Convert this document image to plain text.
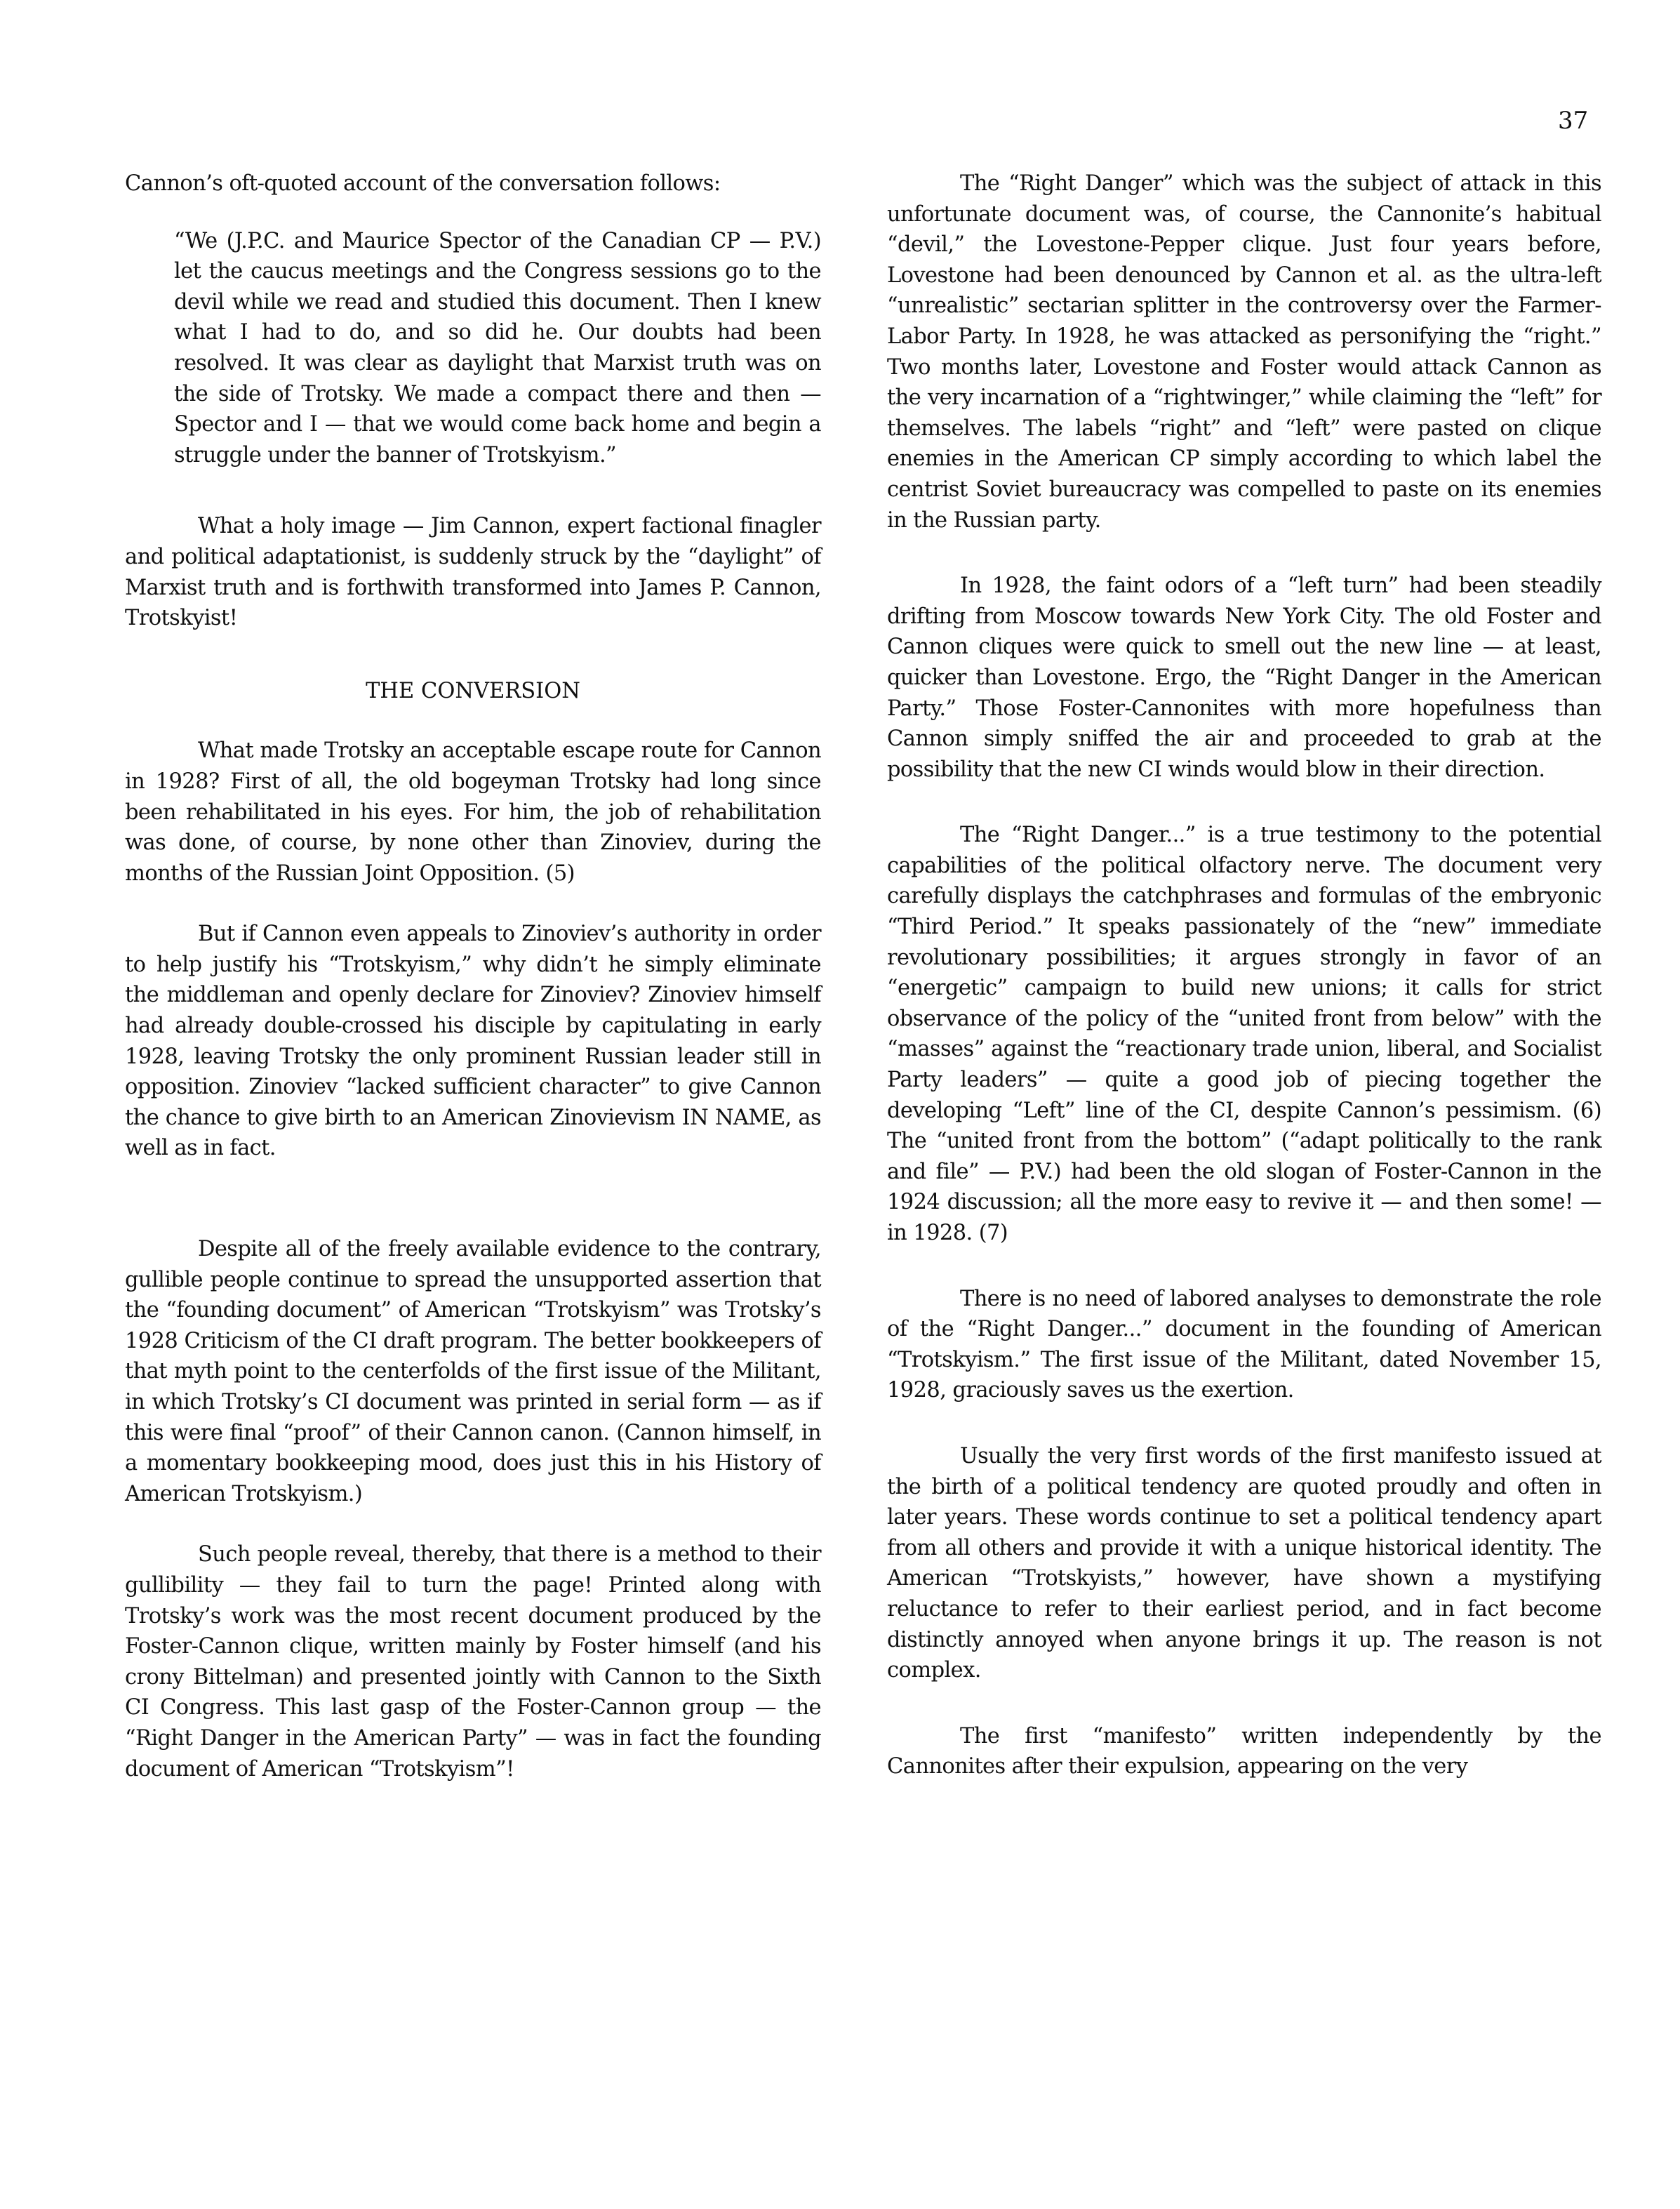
37

Cannon’s oft-quoted account of the conversation follows:

“We (J.P.C. and Maurice Spector of the Canadian CP — P.V.) let the caucus meetings and the Congress sessions go to the devil while we read and studied this document. Then I knew what I had to do, and so did he. Our doubts had been resolved. It was clear as daylight that Marxist truth was on the side of Trotsky. We made a compact there and then — Spector and I — that we would come back home and begin a struggle under the banner of Trotskyism.”

What a holy image — Jim Cannon, expert factional finagler and political adaptationist, is suddenly struck by the “daylight” of Marxist truth and is forthwith transformed into James P. Cannon, Trotskyist!

THE CONVERSION

What made Trotsky an acceptable escape route for Cannon in 1928? First of all, the old bogeyman Trotsky had long since been rehabilitated in his eyes. For him, the job of rehabilitation was done, of course, by none other than Zinoviev, during the months of the Russian Joint Opposition. (5)

But if Cannon even appeals to Zinoviev’s authority in order to help justify his “Trotskyism,” why didn’t he simply eliminate the middleman and openly declare for Zinoviev? Zinoviev himself had already double-crossed his disciple by capitulating in early 1928, leaving Trotsky the only prominent Russian leader still in opposition. Zinoviev “lacked sufficient character” to give Cannon the chance to give birth to an American Zinovievism IN NAME, as well as in fact.

Despite all of the freely available evidence to the contrary, gullible people continue to spread the unsupported assertion that the “founding document” of American “Trotskyism” was Trotsky’s 1928 Criticism of the CI draft program. The better bookkeepers of that myth point to the centerfolds of the first issue of the Militant, in which Trotsky’s CI document was printed in serial form — as if this were final “proof” of their Cannon canon. (Cannon himself, in a momentary bookkeeping mood, does just this in his History of American Trotskyism.)

Such people reveal, thereby, that there is a method to their gullibility — they fail to turn the page! Printed along with Trotsky’s work was the most recent document produced by the Foster-Cannon clique, written mainly by Foster himself (and his crony Bittelman) and presented jointly with Cannon to the Sixth CI Congress. This last gasp of the Foster-Cannon group — the “Right Danger in the American Party” — was in fact the founding document of American “Trotskyism”!

The “Right Danger” which was the subject of attack in this unfortunate document was, of course, the Cannonite’s habitual “devil,” the Lovestone-Pepper clique. Just four years before, Lovestone had been denounced by Cannon et al. as the ultra-left “unrealistic” sectarian splitter in the controversy over the Farmer-Labor Party. In 1928, he was attacked as personifying the “right.” Two months later, Lovestone and Foster would attack Cannon as the very incarnation of a “rightwinger,” while claiming the “left” for themselves. The labels “right” and “left” were pasted on clique enemies in the American CP simply according to which label the centrist Soviet bureaucracy was compelled to paste on its enemies in the Russian party.

In 1928, the faint odors of a “left turn” had been steadily drifting from Moscow towards New York City. The old Foster and Cannon cliques were quick to smell out the new line — at least, quicker than Lovestone. Ergo, the “Right Danger in the American Party.” Those Foster-Cannonites with more hopefulness than Cannon simply sniffed the air and proceeded to grab at the possibility that the new CI winds would blow in their direction.

The “Right Danger...” is a true testimony to the potential capabilities of the political olfactory nerve. The document very carefully displays the catchphrases and formulas of the embryonic “Third Period.” It speaks passionately of the “new” immediate revolutionary possibilities; it argues strongly in favor of an “energetic” campaign to build new unions; it calls for strict observance of the policy of the “united front from below” with the “masses” against the “reactionary trade union, liberal, and Socialist Party leaders” — quite a good job of piecing together the developing “Left” line of the CI, despite Cannon’s pessimism. (6) The “united front from the bottom” (“adapt politically to the rank and file” — P.V.) had been the old slogan of Foster-Cannon in the 1924 discussion; all the more easy to revive it — and then some! — in 1928. (7)

There is no need of labored analyses to demonstrate the role of the “Right Danger...” document in the founding of American “Trotskyism.” The first issue of the Militant, dated November 15, 1928, graciously saves us the exertion.

Usually the very first words of the first manifesto issued at the birth of a political tendency are quoted proudly and often in later years. These words continue to set a political tendency apart from all others and provide it with a unique historical identity. The American “Trotskyists,” however, have shown a mystifying reluctance to refer to their earliest period, and in fact become distinctly annoyed when anyone brings it up. The reason is not complex.

The first “manifesto” written independently by the Cannonites after their expulsion, appearing on the very
